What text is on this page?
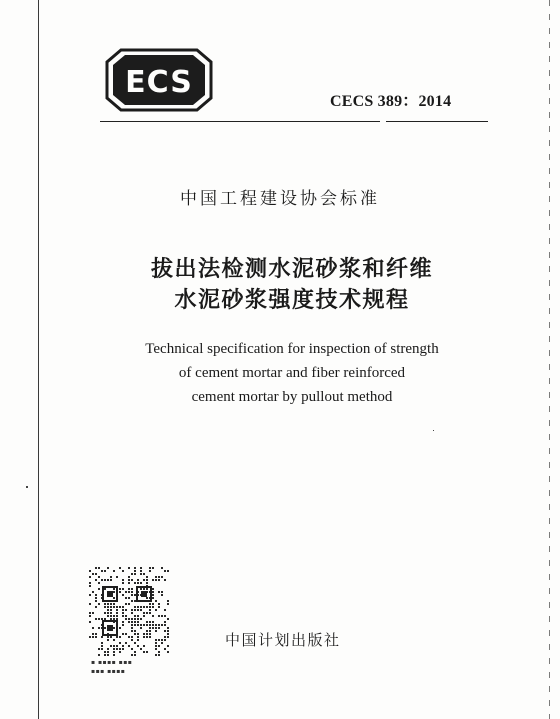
ECS
CECS 389：2014
中国工程建设协会标准
拔出法检测水泥砂浆和纤维
水泥砂浆强度技术规程
Technical specification for inspection of strength
of cement mortar and fiber reinforced
cement mortar by pullout method
▪ ▪▪▪▪ ▪▪▪
▪▪▪ ▪▪▪▪
中国计划出版社
